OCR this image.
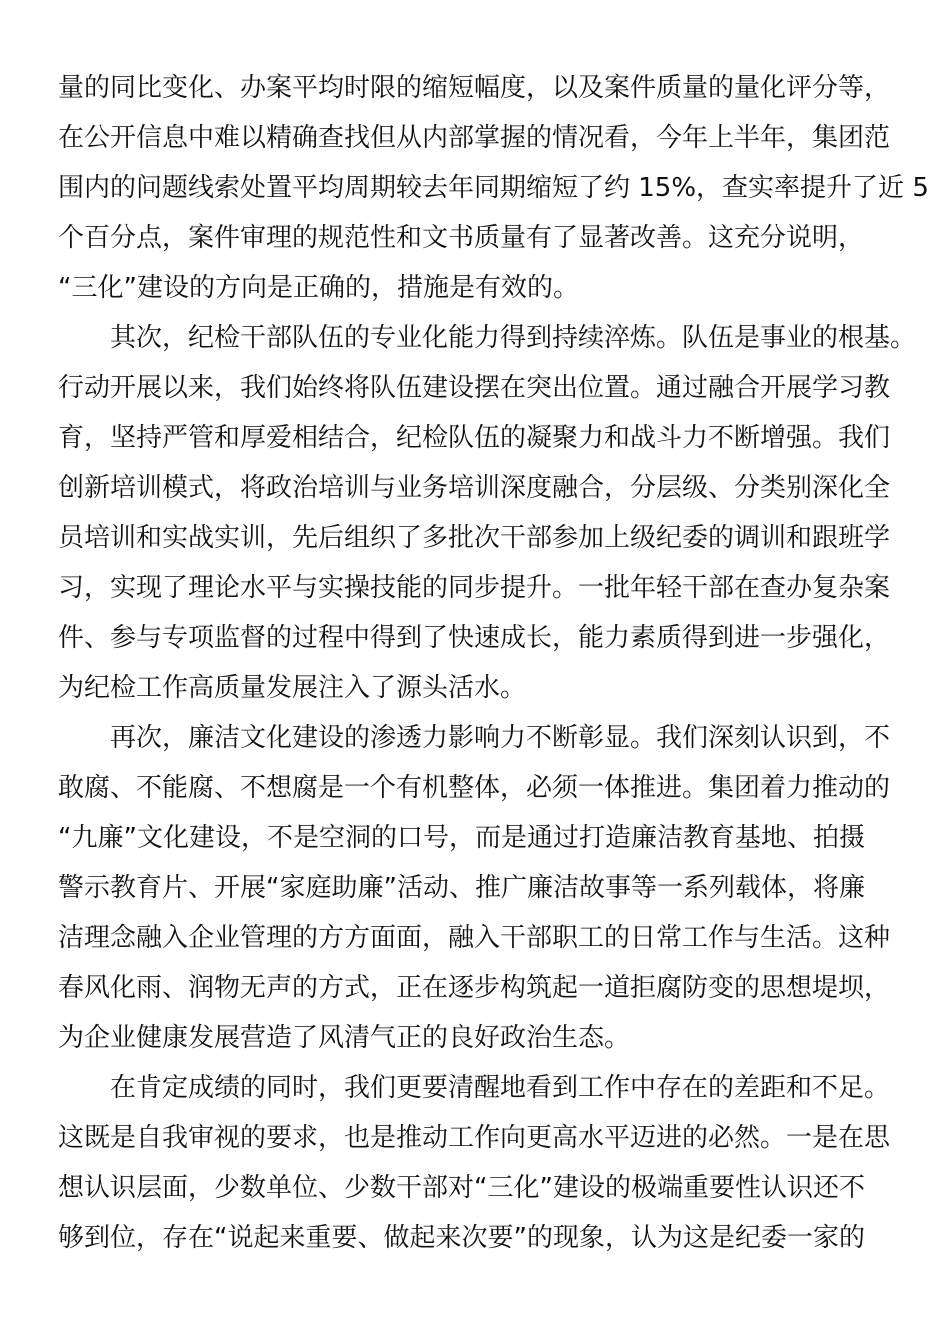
量的同比变化、办案平均时限的缩短幅度，以及案件质量的量化评分等，
在公开信息中难以精确查找但从内部掌握的情况看，今年上半年，集团范
围内的问题线索处置平均周期较去年同期缩短了约 15%，查实率提升了近 5
个百分点，案件审理的规范性和文书质量有了显著改善。这充分说明，
“三化”建设的方向是正确的，措施是有效的。
其次，纪检干部队伍的专业化能力得到持续淬炼。队伍是事业的根基。
行动开展以来，我们始终将队伍建设摆在突出位置。通过融合开展学习教
育，坚持严管和厚爱相结合，纪检队伍的凝聚力和战斗力不断增强。我们
创新培训模式，将政治培训与业务培训深度融合，分层级、分类别深化全
员培训和实战实训，先后组织了多批次干部参加上级纪委的调训和跟班学
习，实现了理论水平与实操技能的同步提升。一批年轻干部在查办复杂案
件、参与专项监督的过程中得到了快速成长，能力素质得到进一步强化，
为纪检工作高质量发展注入了源头活水。
再次，廉洁文化建设的渗透力影响力不断彰显。我们深刻认识到，不
敢腐、不能腐、不想腐是一个有机整体，必须一体推进。集团着力推动的
“九廉”文化建设，不是空洞的口号，而是通过打造廉洁教育基地、拍摄
警示教育片、开展“家庭助廉”活动、推广廉洁故事等一系列载体，将廉
洁理念融入企业管理的方方面面，融入干部职工的日常工作与生活。这种
春风化雨、润物无声的方式，正在逐步构筑起一道拒腐防变的思想堤坝，
为企业健康发展营造了风清气正的良好政治生态。
在肯定成绩的同时，我们更要清醒地看到工作中存在的差距和不足。
这既是自我审视的要求，也是推动工作向更高水平迈进的必然。一是在思
想认识层面，少数单位、少数干部对“三化”建设的极端重要性认识还不
够到位，存在“说起来重要、做起来次要”的现象，认为这是纪委一家的
